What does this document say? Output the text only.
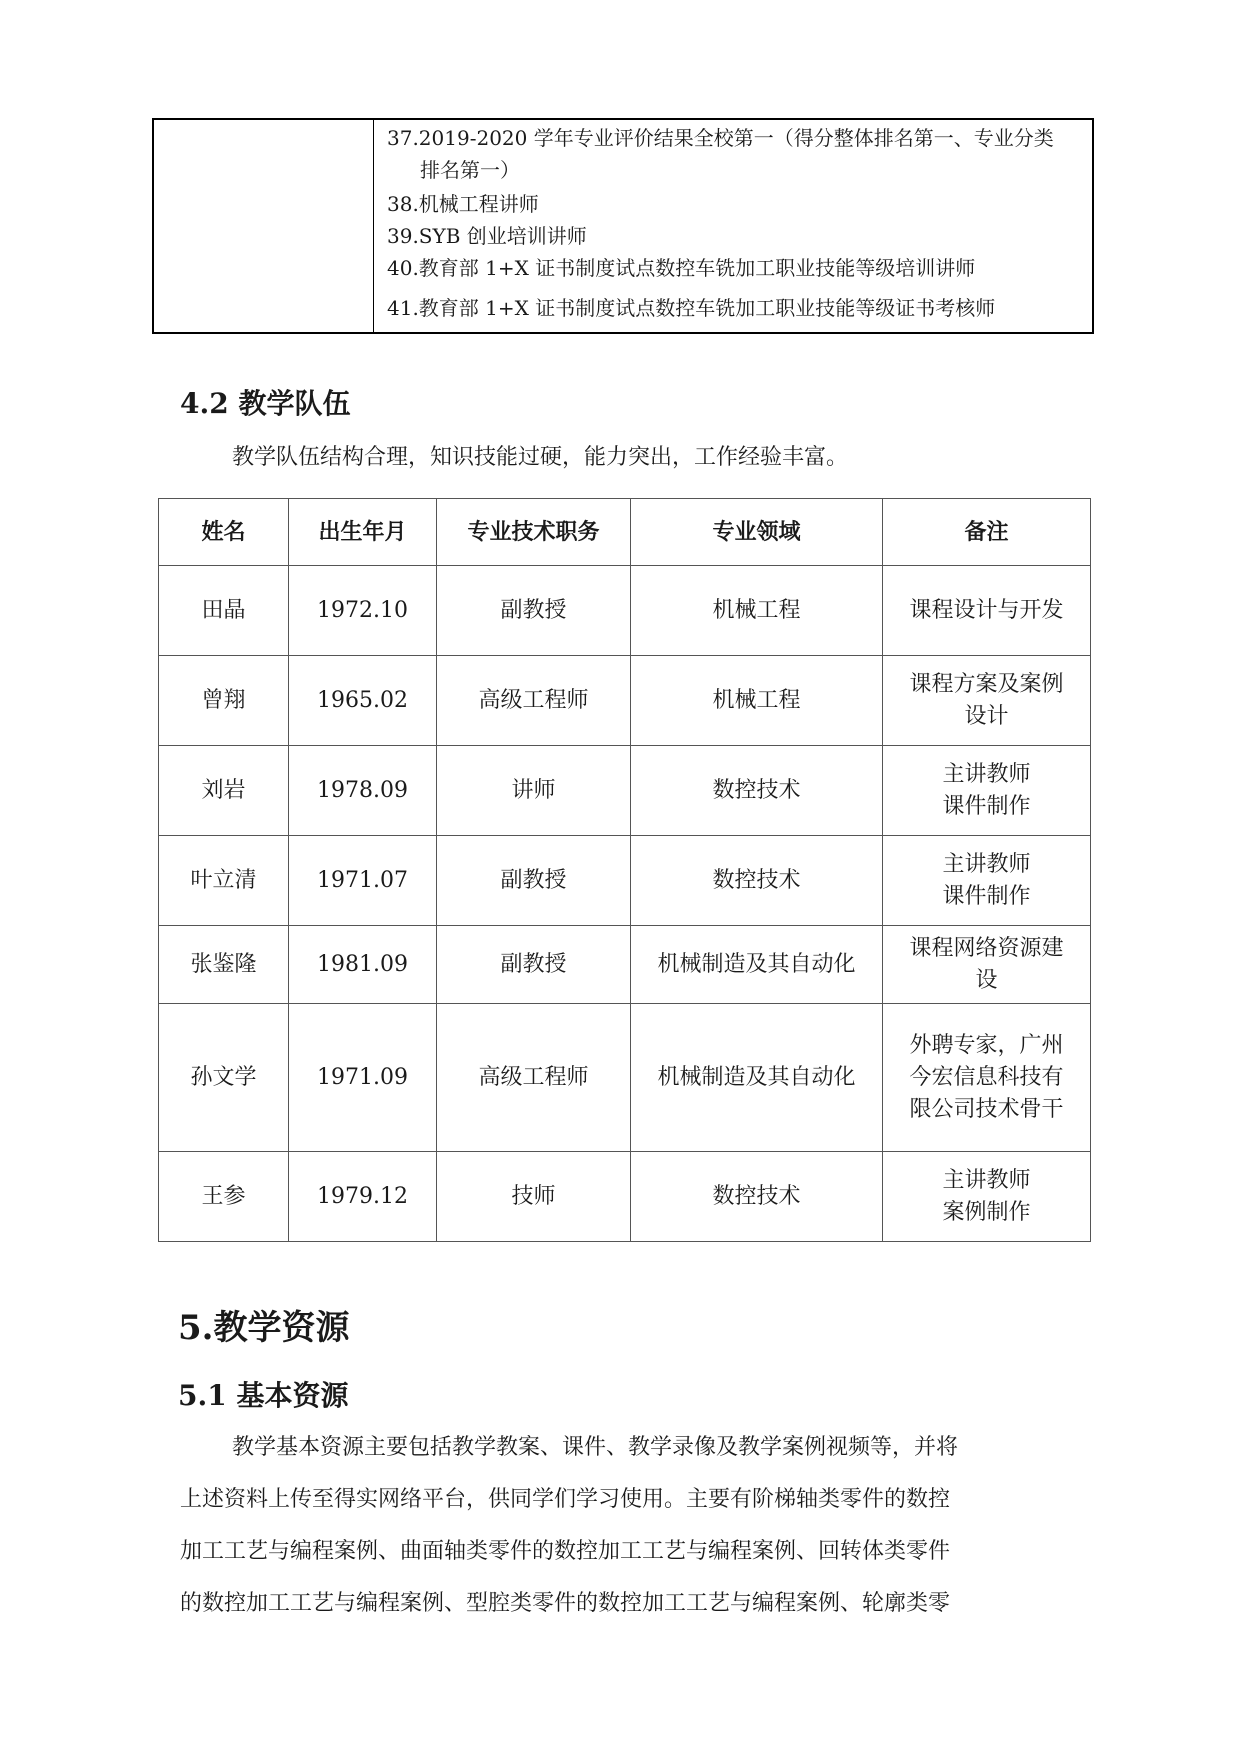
37.2019-2020 学年专业评价结果全校第一（得分整体排名第一、专业分类
排名第一）
38.机械工程讲师
39.SYB 创业培训讲师
40.教育部 1+X 证书制度试点数控车铣加工职业技能等级培训讲师
41.教育部 1+X 证书制度试点数控车铣加工职业技能等级证书考核师
4.2 教学队伍
教学队伍结构合理，知识技能过硬，能力突出，工作经验丰富。
姓名	出生年月	专业技术职务	专业领域	备注
田晶	1972.10	副教授	机械工程	课程设计与开发

曾翔	1965.02	高级工程师	机械工程	课程方案及案例
设计

刘岩	1978.09	讲师	数控技术	主讲教师
课件制作

叶立清	1971.07	副教授	数控技术	主讲教师
课件制作

张鉴隆	1981.09	副教授	机械制造及其自动化	课程网络资源建
设

孙文学	1971.09	高级工程师	机械制造及其自动化	外聘专家，广州
今宏信息科技有
限公司技术骨干

王参	1979.12	技师	数控技术	主讲教师
案例制作
5.教学资源
5.1 基本资源
教学基本资源主要包括教学教案、课件、教学录像及教学案例视频等，并将
上述资料上传至得实网络平台，供同学们学习使用。主要有阶梯轴类零件的数控
加工工艺与编程案例、曲面轴类零件的数控加工工艺与编程案例、回转体类零件
的数控加工工艺与编程案例、型腔类零件的数控加工工艺与编程案例、轮廓类零
